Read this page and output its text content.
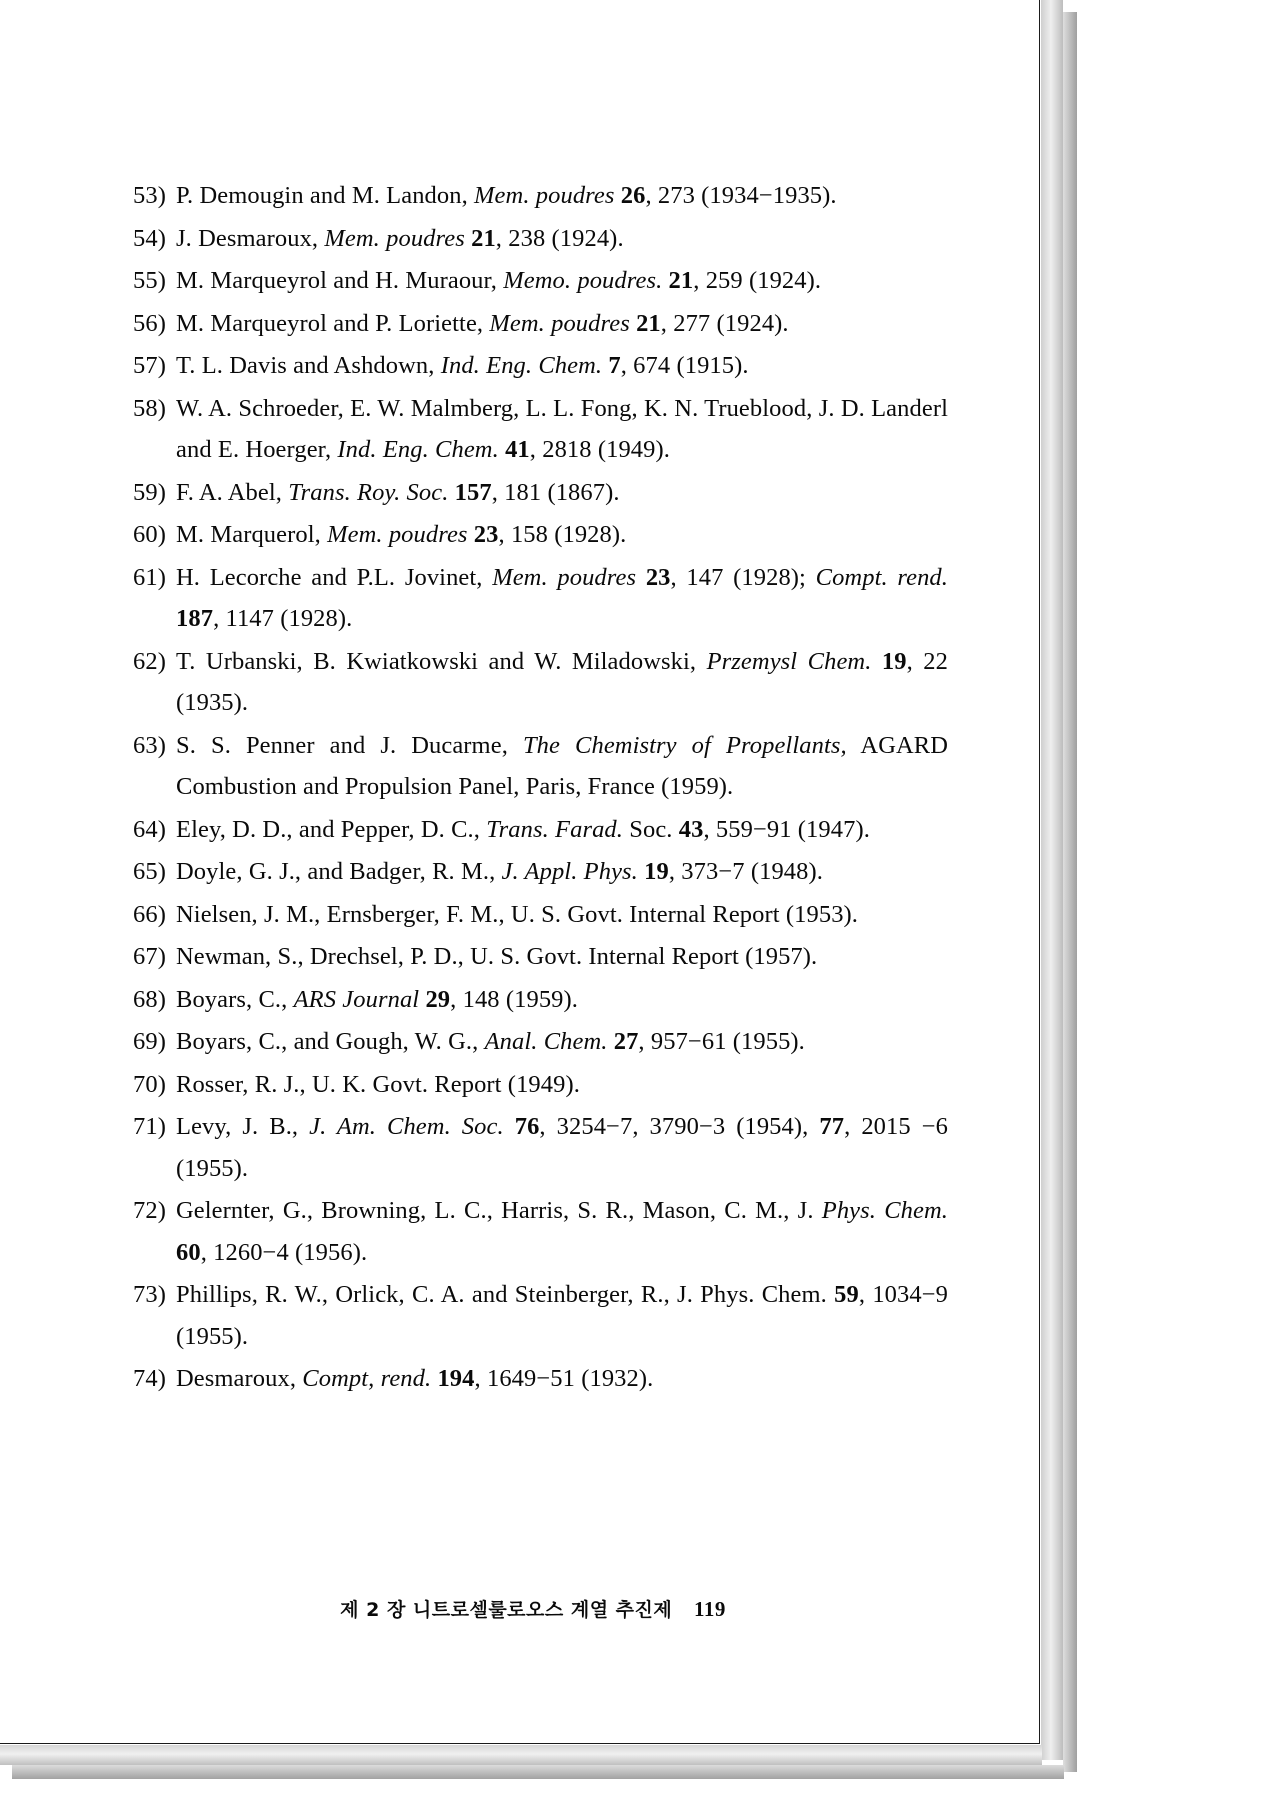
53) P. Demougin and M. Landon, Mem. poudres 26, 273 (1934−1935).
54) J. Desmaroux, Mem. poudres 21, 238 (1924).
55) M. Marqueyrol and H. Muraour, Memo. poudres. 21, 259 (1924).
56) M. Marqueyrol and P. Loriette, Mem. poudres 21, 277 (1924).
57) T. L. Davis and Ashdown, Ind. Eng. Chem. 7, 674 (1915).
58) W. A. Schroeder, E. W. Malmberg, L. L. Fong, K. N. Trueblood, J. D. Landerl and E. Hoerger, Ind. Eng. Chem. 41, 2818 (1949).
59) F. A. Abel, Trans. Roy. Soc. 157, 181 (1867).
60) M. Marquerol, Mem. poudres 23, 158 (1928).
61) H. Lecorche and P.L. Jovinet, Mem. poudres 23, 147 (1928); Compt. rend. 187, 1147 (1928).
62) T. Urbanski, B. Kwiatkowski and W. Miladowski, Przemysl Chem. 19, 22 (1935).
63) S. S. Penner and J. Ducarme, The Chemistry of Propellants, AGARD Combustion and Propulsion Panel, Paris, France (1959).
64) Eley, D. D., and Pepper, D. C., Trans. Farad. Soc. 43, 559−91 (1947).
65) Doyle, G. J., and Badger, R. M., J. Appl. Phys. 19, 373−7 (1948).
66) Nielsen, J. M., Ernsberger, F. M., U. S. Govt. Internal Report (1953).
67) Newman, S., Drechsel, P. D., U. S. Govt. Internal Report (1957).
68) Boyars, C., ARS Journal 29, 148 (1959).
69) Boyars, C., and Gough, W. G., Anal. Chem. 27, 957−61 (1955).
70) Rosser, R. J., U. K. Govt. Report (1949).
71) Levy, J. B., J. Am. Chem. Soc. 76, 3254−7, 3790−3 (1954), 77, 2015 −6 (1955).
72) Gelernter, G., Browning, L. C., Harris, S. R., Mason, C. M., J. Phys. Chem. 60, 1260−4 (1956).
73) Phillips, R. W., Orlick, C. A. and Steinberger, R., J. Phys. Chem. 59, 1034−9 (1955).
74) Desmaroux, Compt, rend. 194, 1649−51 (1932).
제 2 장 니트로셀룰로오스 계열 추진제 119
